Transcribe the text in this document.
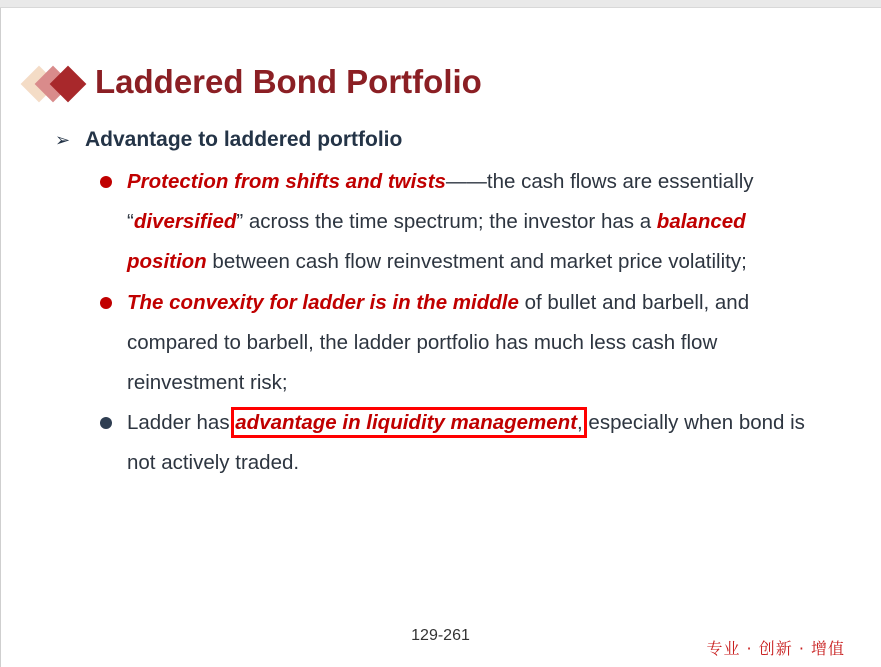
Laddered Bond Portfolio
➢ Advantage to laddered portfolio
Protection from shifts and twists——the cash flows are essentially “diversified” across the time spectrum; the investor has a balanced position between cash flow reinvestment and market price volatility;
The convexity for ladder is in the middle of bullet and barbell, and compared to barbell, the ladder portfolio has much less cash flow reinvestment risk;
Ladder has advantage in liquidity management, especially when bond is not actively traded.
129-261
专业 · 创新 · 增值
